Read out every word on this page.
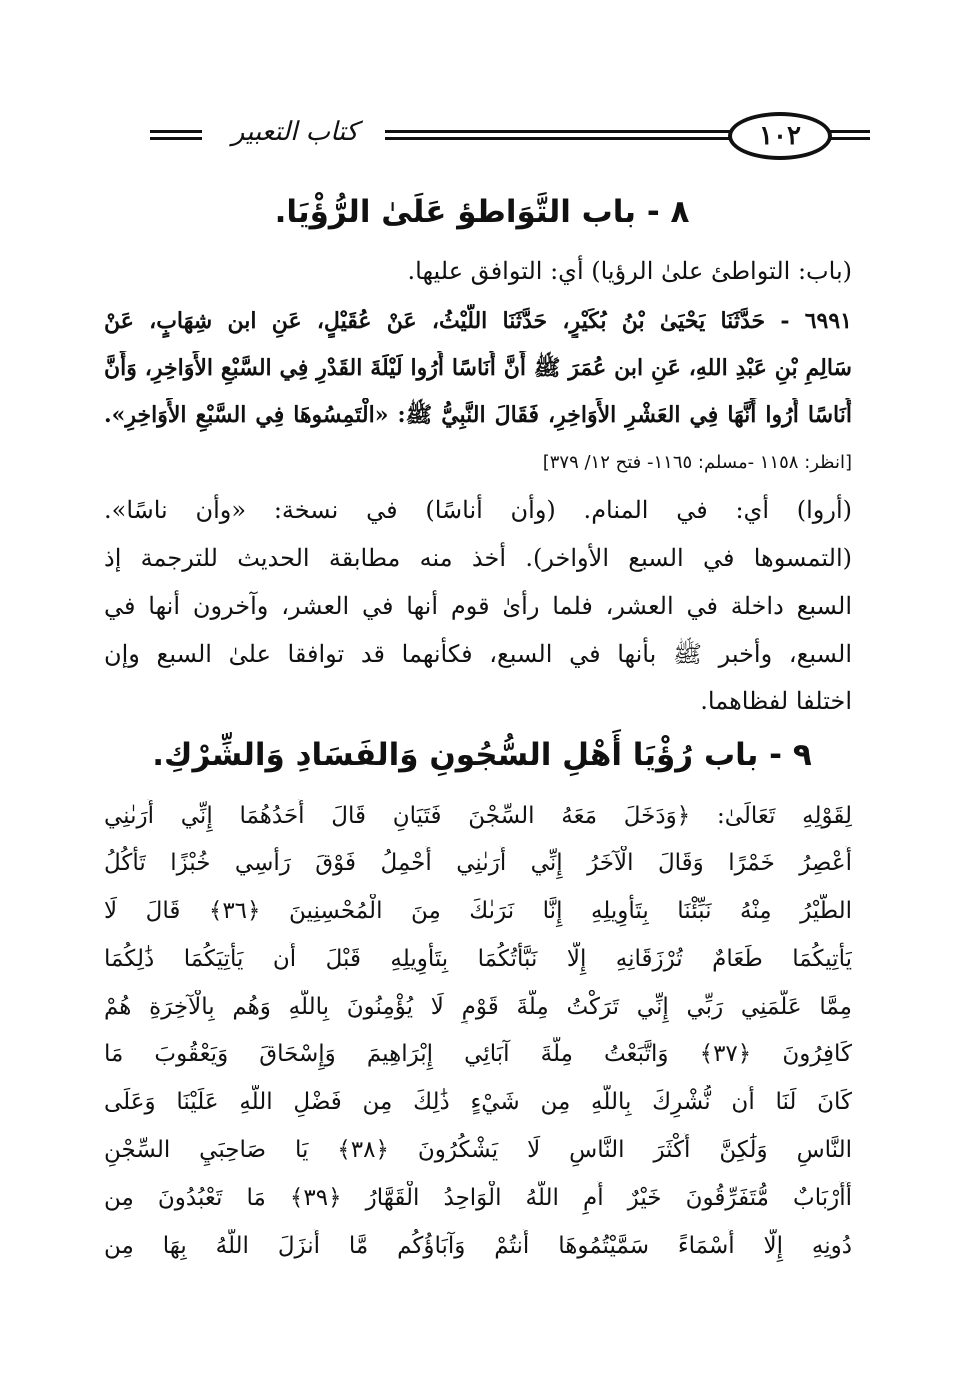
كتاب التعبير	١٠٢
٨ - باب التَّوَاطؤ عَلَىٰ الرُّؤْيَا.
(باب: التواطئ علىٰ الرؤيا) أي: التوافق عليها.
٦٩٩١ - حَدَّثَنَا يَحْيَىٰ بْنُ بُكَيْرٍ، حَدَّثَنَا اللَّيْثُ، عَنْ عُقَيْلٍ، عَنِ ابن شِهَابٍ، عَنْ
سَالِمِ بْنِ عَبْدِ اللهِ، عَنِ ابن عُمَرَ ﷺ أَنَّ أُنَاسًا أُرُوا لَيْلَةَ القَدْرِ فِي السَّبْعِ الأَوَاخِرِ، وَأَنَّ
أُنَاسًا أُرُوا أَنَّهَا فِي العَشْرِ الأَوَاخِرِ، فَقَالَ النَّبِيُّ ﷺ: «الْتَمِسُوهَا فِي السَّبْعِ الأَوَاخِرِ».
[انظر: ١١٥٨ -مسلم: ١١٦٥- فتح ١٢/ ٣٧٩]
(أروا) أي: في المنام. (وأن أناسًا) في نسخة: «وأن ناسًا».
(التمسوها في السبع الأواخر). أخذ منه مطابقة الحديث للترجمة إذ
السبع داخلة في العشر، فلما رأىٰ قوم أنها في العشر، وآخرون أنها في
السبع، وأخبر ﷺ بأنها في السبع، فكأنهما قد توافقا علىٰ السبع وإن
اختلفا لفظاهما.
٩ - باب رُؤْيَا أَهْلِ السُّجُونِ وَالفَسَادِ وَالشِّرْكِ.
لِقَوْلِهِ تَعَالَىٰ: ﴿وَدَخَلَ مَعَهُ السِّجْنَ فَتَيَانِ قَالَ أَحَدُهُمَا إِنِّي أَرَىٰنِي
أَعْصِرُ خَمْرًا وَقَالَ الْآخَرُ إِنِّي أَرَىٰنِي أَحْمِلُ فَوْقَ رَأْسِي خُبْزًا تَأْكُلُ
الطَّيْرُ مِنْهُ نَبِّئْنَا بِتَأْوِيلِهِ إِنَّا نَرَىٰكَ مِنَ الْمُحْسِنِينَ ﴿٣٦﴾ قَالَ لَا
يَأْتِيكُمَا طَعَامٌ تُرْزَقَانِهِ إِلَّا نَبَّأْتُكُمَا بِتَأْوِيلِهِ قَبْلَ أَن يَأْتِيَكُمَا ذَٰلِكُمَا
مِمَّا عَلَّمَنِي رَبِّي إِنِّي تَرَكْتُ مِلَّةَ قَوْمٍ لَا يُؤْمِنُونَ بِاللَّهِ وَهُم بِالْآخِرَةِ هُمْ
كَافِرُونَ ﴿٣٧﴾ وَاتَّبَعْتُ مِلَّةَ آبَائِي إِبْرَاهِيمَ وَإِسْحَاقَ وَيَعْقُوبَ مَا
كَانَ لَنَا أَن نُّشْرِكَ بِاللَّهِ مِن شَيْءٍ ذَٰلِكَ مِن فَضْلِ اللَّهِ عَلَيْنَا وَعَلَى
النَّاسِ وَلَٰكِنَّ أَكْثَرَ النَّاسِ لَا يَشْكُرُونَ ﴿٣٨﴾ يَا صَاحِبَيِ السِّجْنِ
أَأَرْبَابٌ مُّتَفَرِّقُونَ خَيْرٌ أَمِ اللَّهُ الْوَاحِدُ الْقَهَّارُ ﴿٣٩﴾ مَا تَعْبُدُونَ مِن
دُونِهِ إِلَّا أَسْمَاءً سَمَّيْتُمُوهَا أَنتُمْ وَآبَاؤُكُم مَّا أَنزَلَ اللَّهُ بِهَا مِن
